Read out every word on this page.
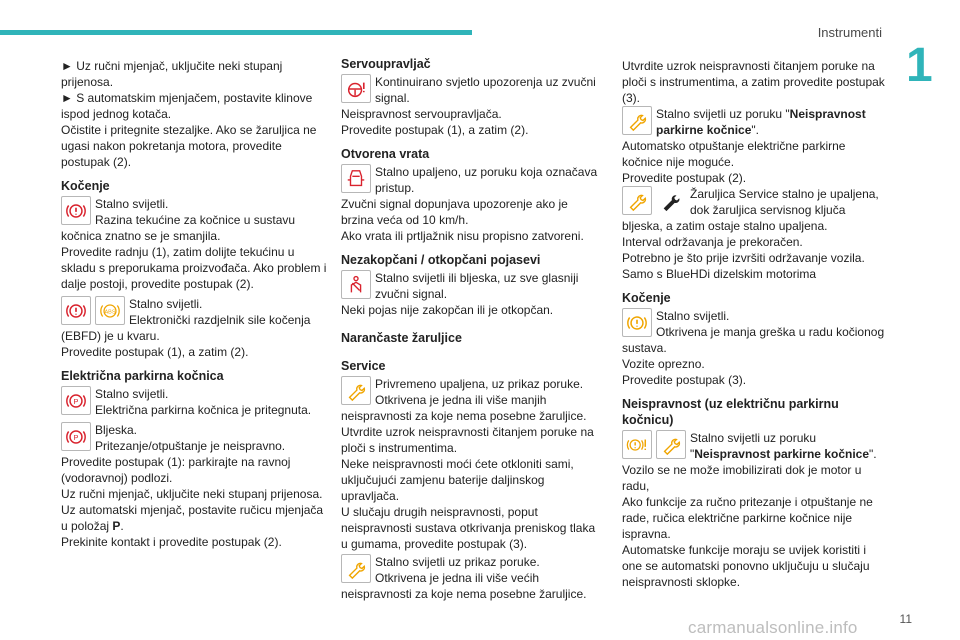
Instrumenti
1

► Uz ručni mjenjač, uključite neki stupanj prijenosa.

► S automatskim mjenjačem, postavite klinove ispod jednog kotača.

Očistite i pritegnite stezaljke. Ako se žaruljica ne ugasi nakon pokretanja motora, provedite postupak (2).

Kočenje
Stalno svijetli.
Razina tekućine za kočnice u sustavu kočnica znatno se je smanjila.
Provedite radnju (1), zatim dolijte tekućinu u skladu s preporukama proizvođača. Ako problem i dalje postoji, provedite postupak (2).
ABS
Stalno svijetli.
Elektronički razdjelnik sile kočenja (EBFD) je u kvaru.
Provedite postupak (1), a zatim (2).
Električna parkirna kočnica
P Stalno svijetli.
Električna parkirna kočnica je pritegnuta.
P Bljeska.
Pritezanje/otpuštanje je neispravno.
Provedite postupak (1): parkirajte na ravnoj (vodoravnoj) podlozi.
Uz ručni mjenjač, uključite neki stupanj prijenosa.
Uz automatski mjenjač, postavite ručicu mjenjača u položaj P.
Prekinite kontakt i provedite postupak (2).
Servoupravljač
Kontinuirano svjetlo upozorenja uz zvučni signal.
Neispravnost servoupravljača.
Provedite postupak (1), a zatim (2).
Otvorena vrata
Stalno upaljeno, uz poruku koja označava pristup.
Zvučni signal dopunjava upozorenje ako je brzina veća od 10 km/h.
Ako vrata ili prtljažnik nisu propisno zatvoreni.
Nezakopčani / otkopčani pojasevi
Stalno svijetli ili bljeska, uz sve glasniji zvučni signal.
Neki pojas nije zakopčan ili je otkopčan.
Narančaste žaruljice
Service
Privremeno upaljena, uz prikaz poruke.
Otkrivena je jedna ili više manjih neispravnosti za koje nema posebne žaruljice.
Utvrdite uzrok neispravnosti čitanjem poruke na ploči s instrumentima.
Neke neispravnosti moći ćete otkloniti sami, uključujući zamjenu baterije daljinskog upravljača.
U slučaju drugih neispravnosti, poput neispravnosti sustava otkrivanja preniskog tlaka u gumama, provedite postupak (3).
Stalno svijetli uz prikaz poruke.
Otkrivena je jedna ili više većih neispravnosti za koje nema posebne žaruljice.

Utvrdite uzrok neispravnosti čitanjem poruke na ploči s instrumentima, a zatim provedite postupak (3).

Stalno svijetli uz poruku "Neispravnost parkirne kočnice".
Automatsko otpuštanje električne parkirne kočnice nije moguće.
Provedite postupak (2).
Žaruljica Service stalno je upaljena, dok žaruljica servisnog ključa bljeska, a zatim ostaje stalno upaljena.
Interval održavanja je prekoračen.
Potrebno je što prije izvršiti održavanje vozila.
Samo s BlueHDi dizelskim motorima
Kočenje
Stalno svijetli.
Otkrivena je manja greška u radu kočionog sustava.
Vozite oprezno.
Provedite postupak (3).
Neispravnost (uz električnu parkirnu kočnicu)
Stalno svijetli uz poruku "Neispravnost parkirne kočnice".
Vozilo se ne može imobilizirati dok je motor u radu,
Ako funkcije za ručno pritezanje i otpuštanje ne rade, ručica električne parkirne kočnice nije ispravna.
Automatske funkcije moraju se uvijek koristiti i one se automatski ponovno uključuju u slučaju neispravnosti sklopke.
carmanualsonline.info	11
